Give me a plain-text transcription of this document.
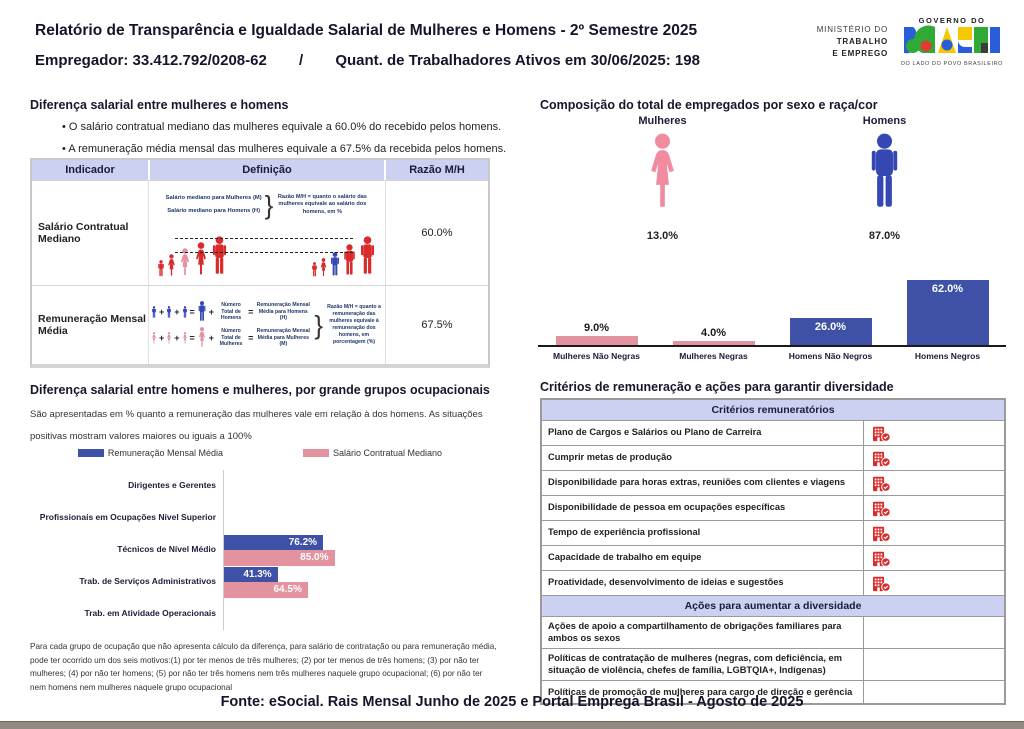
Relatório de Transparência e Igualdade Salarial de Mulheres e Homens - 2º Semestre 2025
Empregador: 33.412.792/0208-62 / Quant. de Trabalhadores Ativos em 30/06/2025: 198
MINISTÉRIO DO
TRABALHO
E EMPREGO
GOVERNO DO
DO LADO DO POVO BRASILEIRO
Diferença salarial entre mulheres e homens
• O salário contratual mediano das mulheres equivale a 60.0% do recebido pelos homens.
• A remuneração média mensal das mulheres equivale a 67.5% da recebida pelos homens.
Indicador	Definição	Razão M/H
Salário Contratual Mediano
Salário mediano para Mulheres (M)
Salário mediano para Homens (H) } Razão M/H = quanto o salário das mulheres equivale ao salário dos homens, em %
60.0%
Remuneração Mensal Média
+ + = +
Número Total de Homens
=
Remuneração Mensal Média para Homens (H)
+ + = +
Número Total de Mulheres
=
Remuneração Mensal Média para Mulheres (M)
}
Razão M/H = quanto a remuneração das mulheres equivale à remuneração dos homens, em porcentagem (%)
67.5%
Diferença salarial entre homens e mulheres, por grande grupos ocupacionais
São apresentadas em % quanto a remuneração das mulheres vale em relação à dos homens. As situações positivas mostram valores maiores ou iguais a 100%
Remuneração Mensal Média	Salário Contratual Mediano
Dirigentes e Gerentes
Profissionais em Ocupações Nível Superior
Técnicos de Nível Médio
76.2%
85.0%
Trab. de Serviços Administrativos
41.3%
64.5%
Trab. em Atividade Operacionais
Para cada grupo de ocupação que não apresenta cálculo da diferença, para salário de contratação ou para remuneração média, pode ter ocorrido um dos seis motivos:(1) por ter menos de três mulheres; (2) por ter menos de três homens; (3) por não ter mulheres; (4) por não ter homens; (5) por não ter três homens nem três mulheres naquele grupo ocupacional; (6) por não ter nem homens nem mulheres naquele grupo ocupacional
Composição do total de empregados por sexo e raça/cor
Mulheres
13.0%
Homens
87.0%
9.0%	4.0%	26.0%
62.0%
Mulheres Não Negras	Mulheres Negras	Homens Não Negros	Homens Negros
Critérios de remuneração e ações para garantir diversidade
Critérios remuneratórios
Plano de Cargos e Salários ou Plano de Carreira
Cumprir metas de produção
Disponibilidade para horas extras, reuniões com clientes e viagens
Disponibilidade de pessoa em ocupações específicas
Tempo de experiência profissional
Capacidade de trabalho em equipe
Proatividade, desenvolvimento de ideias e sugestões
Ações para aumentar a diversidade
Ações de apoio a compartilhamento de obrigações familiares para ambos os sexos
Políticas de contratação de mulheres (negras, com deficiência, em situação de violência, chefes de família, LGBTQIA+, Indígenas)
Políticas de promoção de mulheres para cargo de direção e gerência
Fonte: eSocial. Rais Mensal Junho de 2025 e Portal Emprega Brasil - Agosto de 2025
